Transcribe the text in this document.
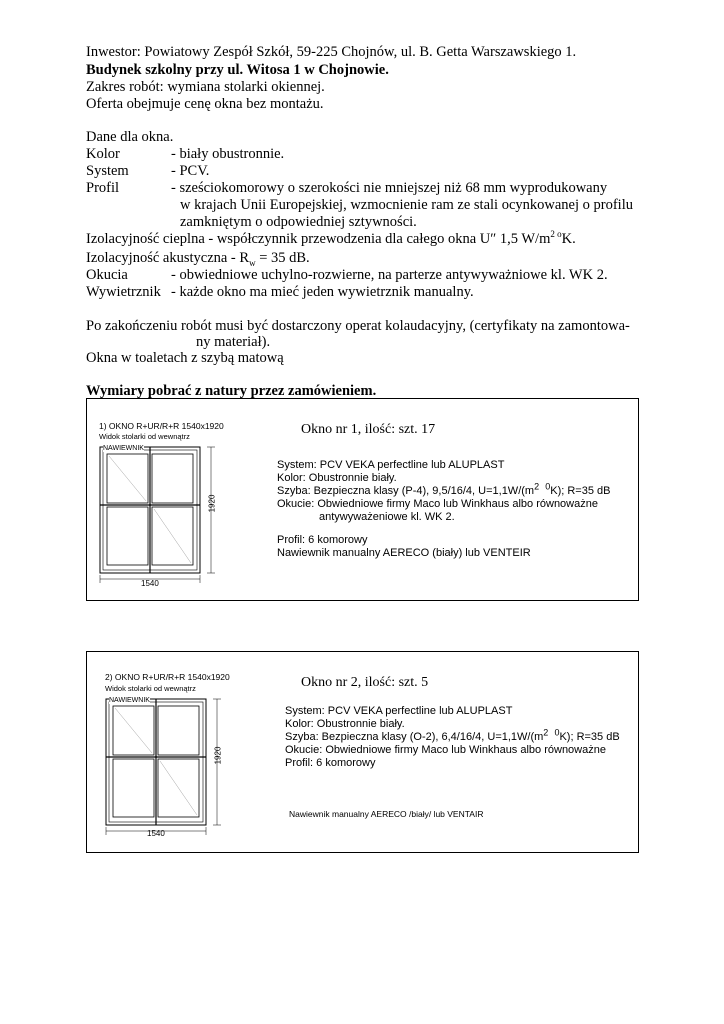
Inwestor: Powiatowy Zespół Szkół, 59-225 Chojnów, ul. B. Getta Warszawskiego 1.
Budynek szkolny przy ul. Witosa 1 w Chojnowie.
Zakres robót: wymiana stolarki okiennej.
Oferta obejmuje cenę okna bez montażu.
Dane dla okna.
Kolor	- biały obustronnie.
System	- PCV.
Profil	- sześciokomorowy o szerokości nie mniejszej niż 68 mm wyprodukowany
w krajach Unii Europejskiej, wzmocnienie ram ze stali ocynkowanej o profilu
zamkniętym o odpowiedniej sztywności.
Izolacyjność cieplna - współczynnik przewodzenia dla całego okna U″ 1,5 $W/m^{2 o}K$.
Izolacyjność akustyczna - $R_w = 35$ dB.
Okucia	- obwiedniowe uchylno-rozwierne, na parterze antywyważniowe kl. WK 2.
Wywietrznik - każde okno ma mieć jeden wywietrznik manualny.
Po zakończeniu robót musi być dostarczony operat kolaudacyjny, (certyfikaty na zamontowa-
ny materiał).
Okna w toaletach z szybą matową
Wymiary pobrać z natury przez zamówieniem.
1) OKNO R+UR/R+R 1540x1920
Widok stolarki od wewnątrz
NAWIEWNIK
1920
1540
Okno nr 1, ilość: szt. 17
System: PCV VEKA perfectline lub ALUPLAST
Kolor: Obustronnie biały.
Szyba: Bezpieczna klasy (P-4), 9,5/16/4, $U=1,1W/(m^2$ $^0$K); R=35 dB
Okucie: Obwiedniowe firmy Maco lub Winkhaus albo równoważne
antywyważeniowe kl. WK 2.
Profil: 6 komorowy
Nawiewnik manualny AERECO (biały) lub VENTEIR
2) OKNO R+UR/R+R 1540x1920
Widok stolarki od wewnątrz
NAWIEWNIK
1920
1540
Okno nr 2, ilość: szt. 5
System: PCV VEKA perfectline lub ALUPLAST
Kolor: Obustronnie biały.
Szyba: Bezpieczna klasy (O-2), 6,4/16/4, $U=1,1W/(m^2$ $^0$K); R=35 dB
Okucie: Obwiedniowe firmy Maco lub Winkhaus albo równoważne
Profil: 6 komorowy
Nawiewnik manualny AERECO /biały/ lub VENTAIR
